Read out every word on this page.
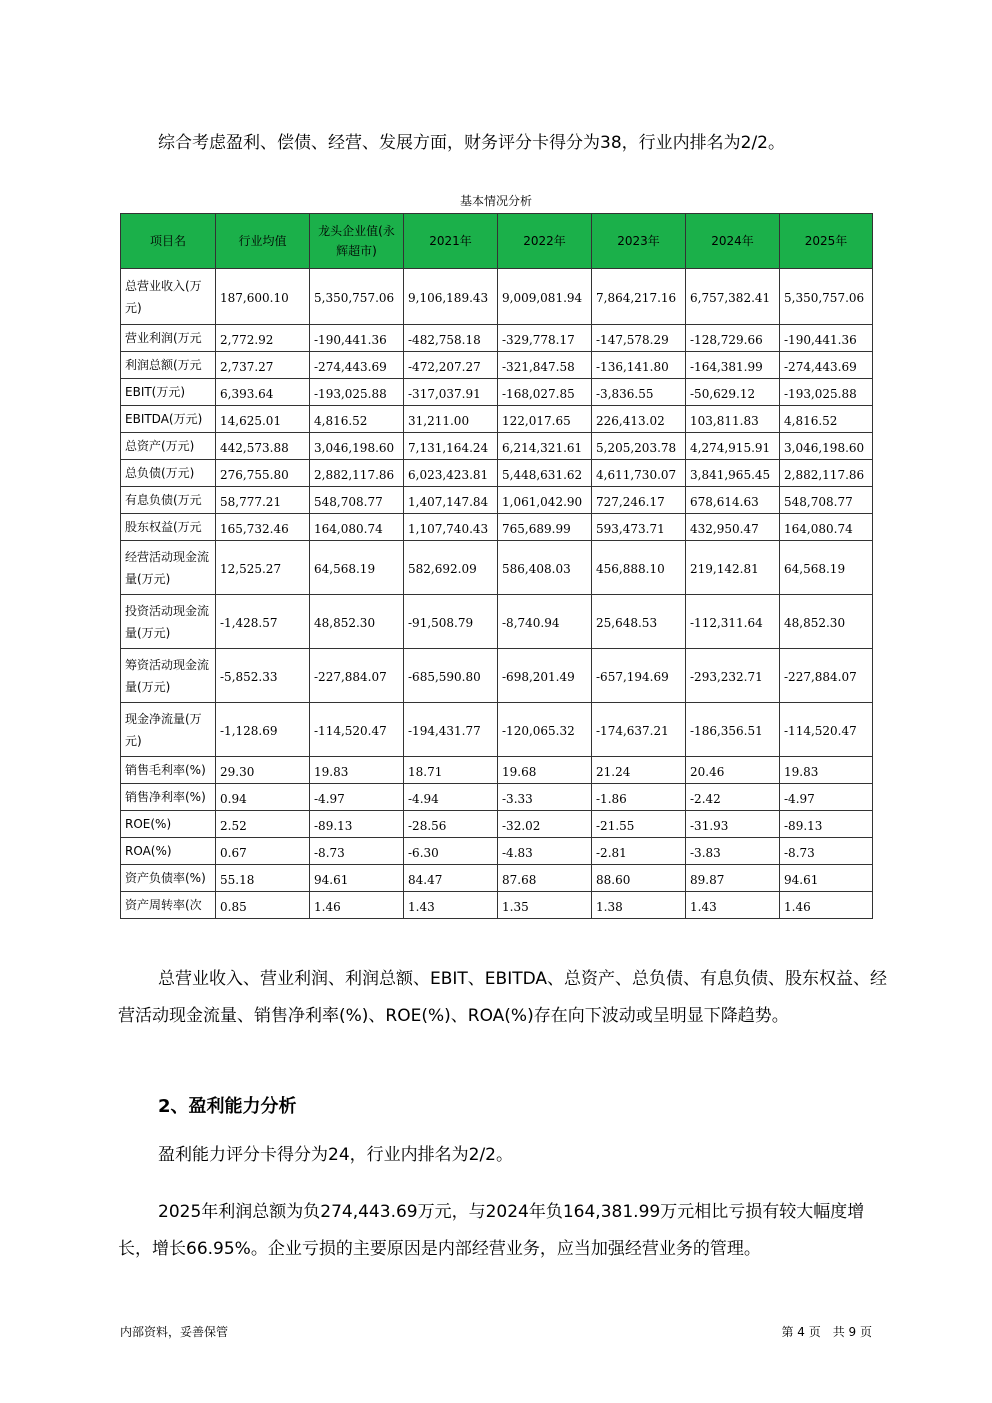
综合考虑盈利、偿债、经营、发展方面，财务评分卡得分为38，行业内排名为2/2。
基本情况分析
项目名	行业均值	龙头企业值(永辉超市)	2021年	2022年	2023年	2024年	2025年
总营业收入(万元)	187,600.10	5,350,757.06	9,106,189.43	9,009,081.94	7,864,217.16	6,757,382.41	5,350,757.06
营业利润(万元	2,772.92	-190,441.36	-482,758.18	-329,778.17	-147,578.29	-128,729.66	-190,441.36
利润总额(万元	2,737.27	-274,443.69	-472,207.27	-321,847.58	-136,141.80	-164,381.99	-274,443.69
EBIT(万元)	6,393.64	-193,025.88	-317,037.91	-168,027.85	-3,836.55	-50,629.12	-193,025.88
EBITDA(万元)	14,625.01	4,816.52	31,211.00	122,017.65	226,413.02	103,811.83	4,816.52
总资产(万元)	442,573.88	3,046,198.60	7,131,164.24	6,214,321.61	5,205,203.78	4,274,915.91	3,046,198.60
总负债(万元)	276,755.80	2,882,117.86	6,023,423.81	5,448,631.62	4,611,730.07	3,841,965.45	2,882,117.86
有息负债(万元	58,777.21	548,708.77	1,407,147.84	1,061,042.90	727,246.17	678,614.63	548,708.77
股东权益(万元	165,732.46	164,080.74	1,107,740.43	765,689.99	593,473.71	432,950.47	164,080.74
经营活动现金流量(万元)	12,525.27	64,568.19	582,692.09	586,408.03	456,888.10	219,142.81	64,568.19
投资活动现金流量(万元)	-1,428.57	48,852.30	-91,508.79	-8,740.94	25,648.53	-112,311.64	48,852.30
筹资活动现金流量(万元)	-5,852.33	-227,884.07	-685,590.80	-698,201.49	-657,194.69	-293,232.71	-227,884.07
现金净流量(万元)	-1,128.69	-114,520.47	-194,431.77	-120,065.32	-174,637.21	-186,356.51	-114,520.47
销售毛利率(%)	29.30	19.83	18.71	19.68	21.24	20.46	19.83
销售净利率(%)	0.94	-4.97	-4.94	-3.33	-1.86	-2.42	-4.97
ROE(%)	2.52	-89.13	-28.56	-32.02	-21.55	-31.93	-89.13
ROA(%)	0.67	-8.73	-6.30	-4.83	-2.81	-3.83	-8.73
资产负债率(%)	55.18	94.61	84.47	87.68	88.60	89.87	94.61
资产周转率(次	0.85	1.46	1.43	1.35	1.38	1.43	1.46
总营业收入、营业利润、利润总额、EBIT、EBITDA、总资产、总负债、有息负债、股东权益、经营活动现金流量、销售净利率(%)、ROE(%)、ROA(%)存在向下波动或呈明显下降趋势。
2、盈利能力分析
盈利能力评分卡得分为24，行业内排名为2/2。
2025年利润总额为负274,443.69万元，与2024年负164,381.99万元相比亏损有较大幅度增长，增长66.95%。企业亏损的主要原因是内部经营业务，应当加强经营业务的管理。
内部资料，妥善保管	第 4 页　共 9 页
